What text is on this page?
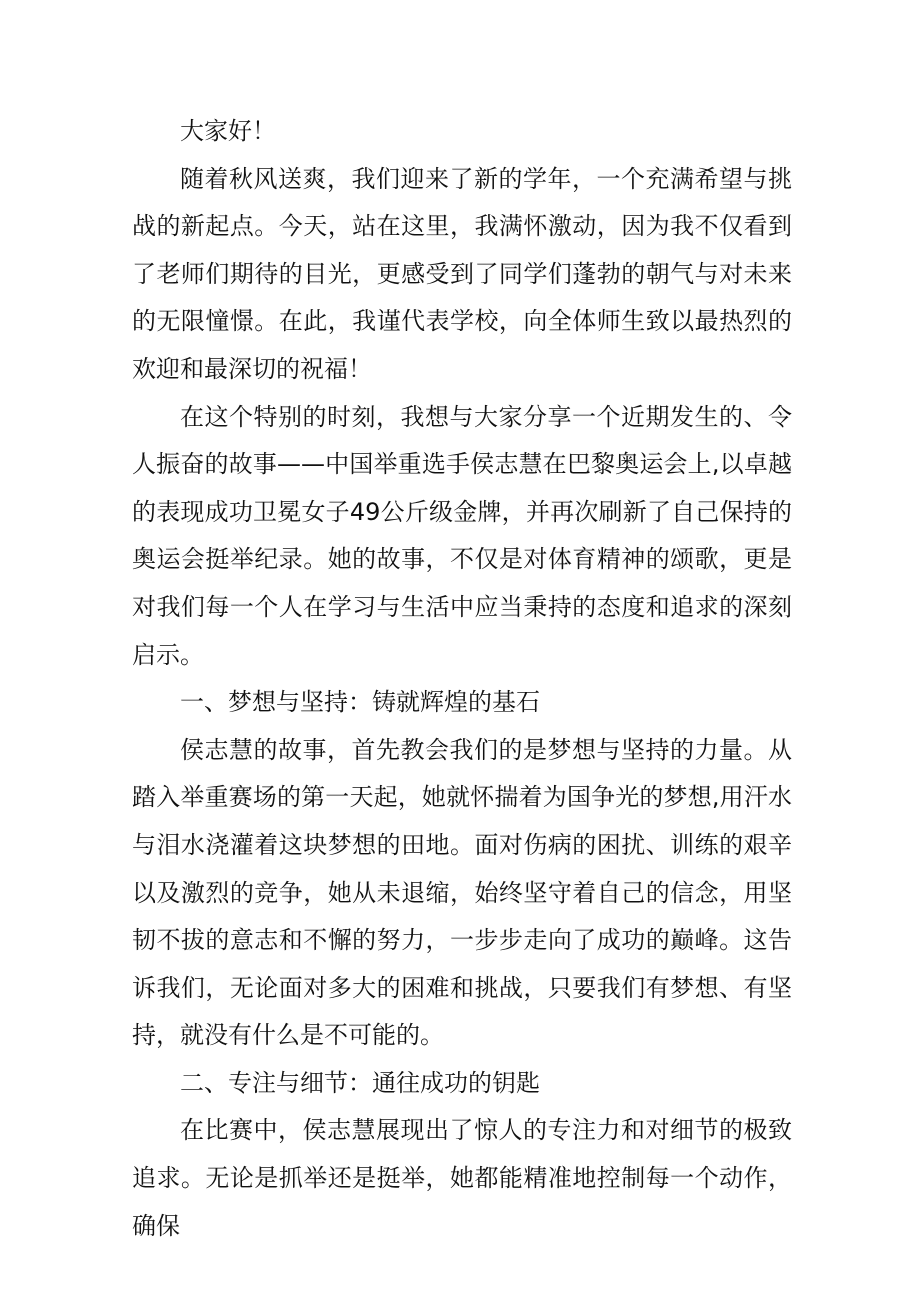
大家好！

随着秋风送爽，我们迎来了新的学年，一个充满希望与挑战的新起点。今天，站在这里，我满怀激动，因为我不仅看到了老师们期待的目光，更感受到了同学们蓬勃的朝气与对未来的无限憧憬。在此，我谨代表学校，向全体师生致以最热烈的欢迎和最深切的祝福！

在这个特别的时刻，我想与大家分享一个近期发生的、令人振奋的故事——中国举重选手侯志慧在巴黎奥运会上,以卓越的表现成功卫冕女子49公斤级金牌，并再次刷新了自己保持的奥运会挺举纪录。她的故事，不仅是对体育精神的颂歌，更是对我们每一个人在学习与生活中应当秉持的态度和追求的深刻启示。

一、梦想与坚持：铸就辉煌的基石

侯志慧的故事，首先教会我们的是梦想与坚持的力量。从踏入举重赛场的第一天起，她就怀揣着为国争光的梦想,用汗水与泪水浇灌着这块梦想的田地。面对伤病的困扰、训练的艰辛以及激烈的竞争，她从未退缩，始终坚守着自己的信念，用坚韧不拔的意志和不懈的努力，一步步走向了成功的巅峰。这告诉我们，无论面对多大的困难和挑战，只要我们有梦想、有坚持，就没有什么是不可能的。

二、专注与细节：通往成功的钥匙

在比赛中，侯志慧展现出了惊人的专注力和对细节的极致追求。无论是抓举还是挺举，她都能精准地控制每一个动作，确保
